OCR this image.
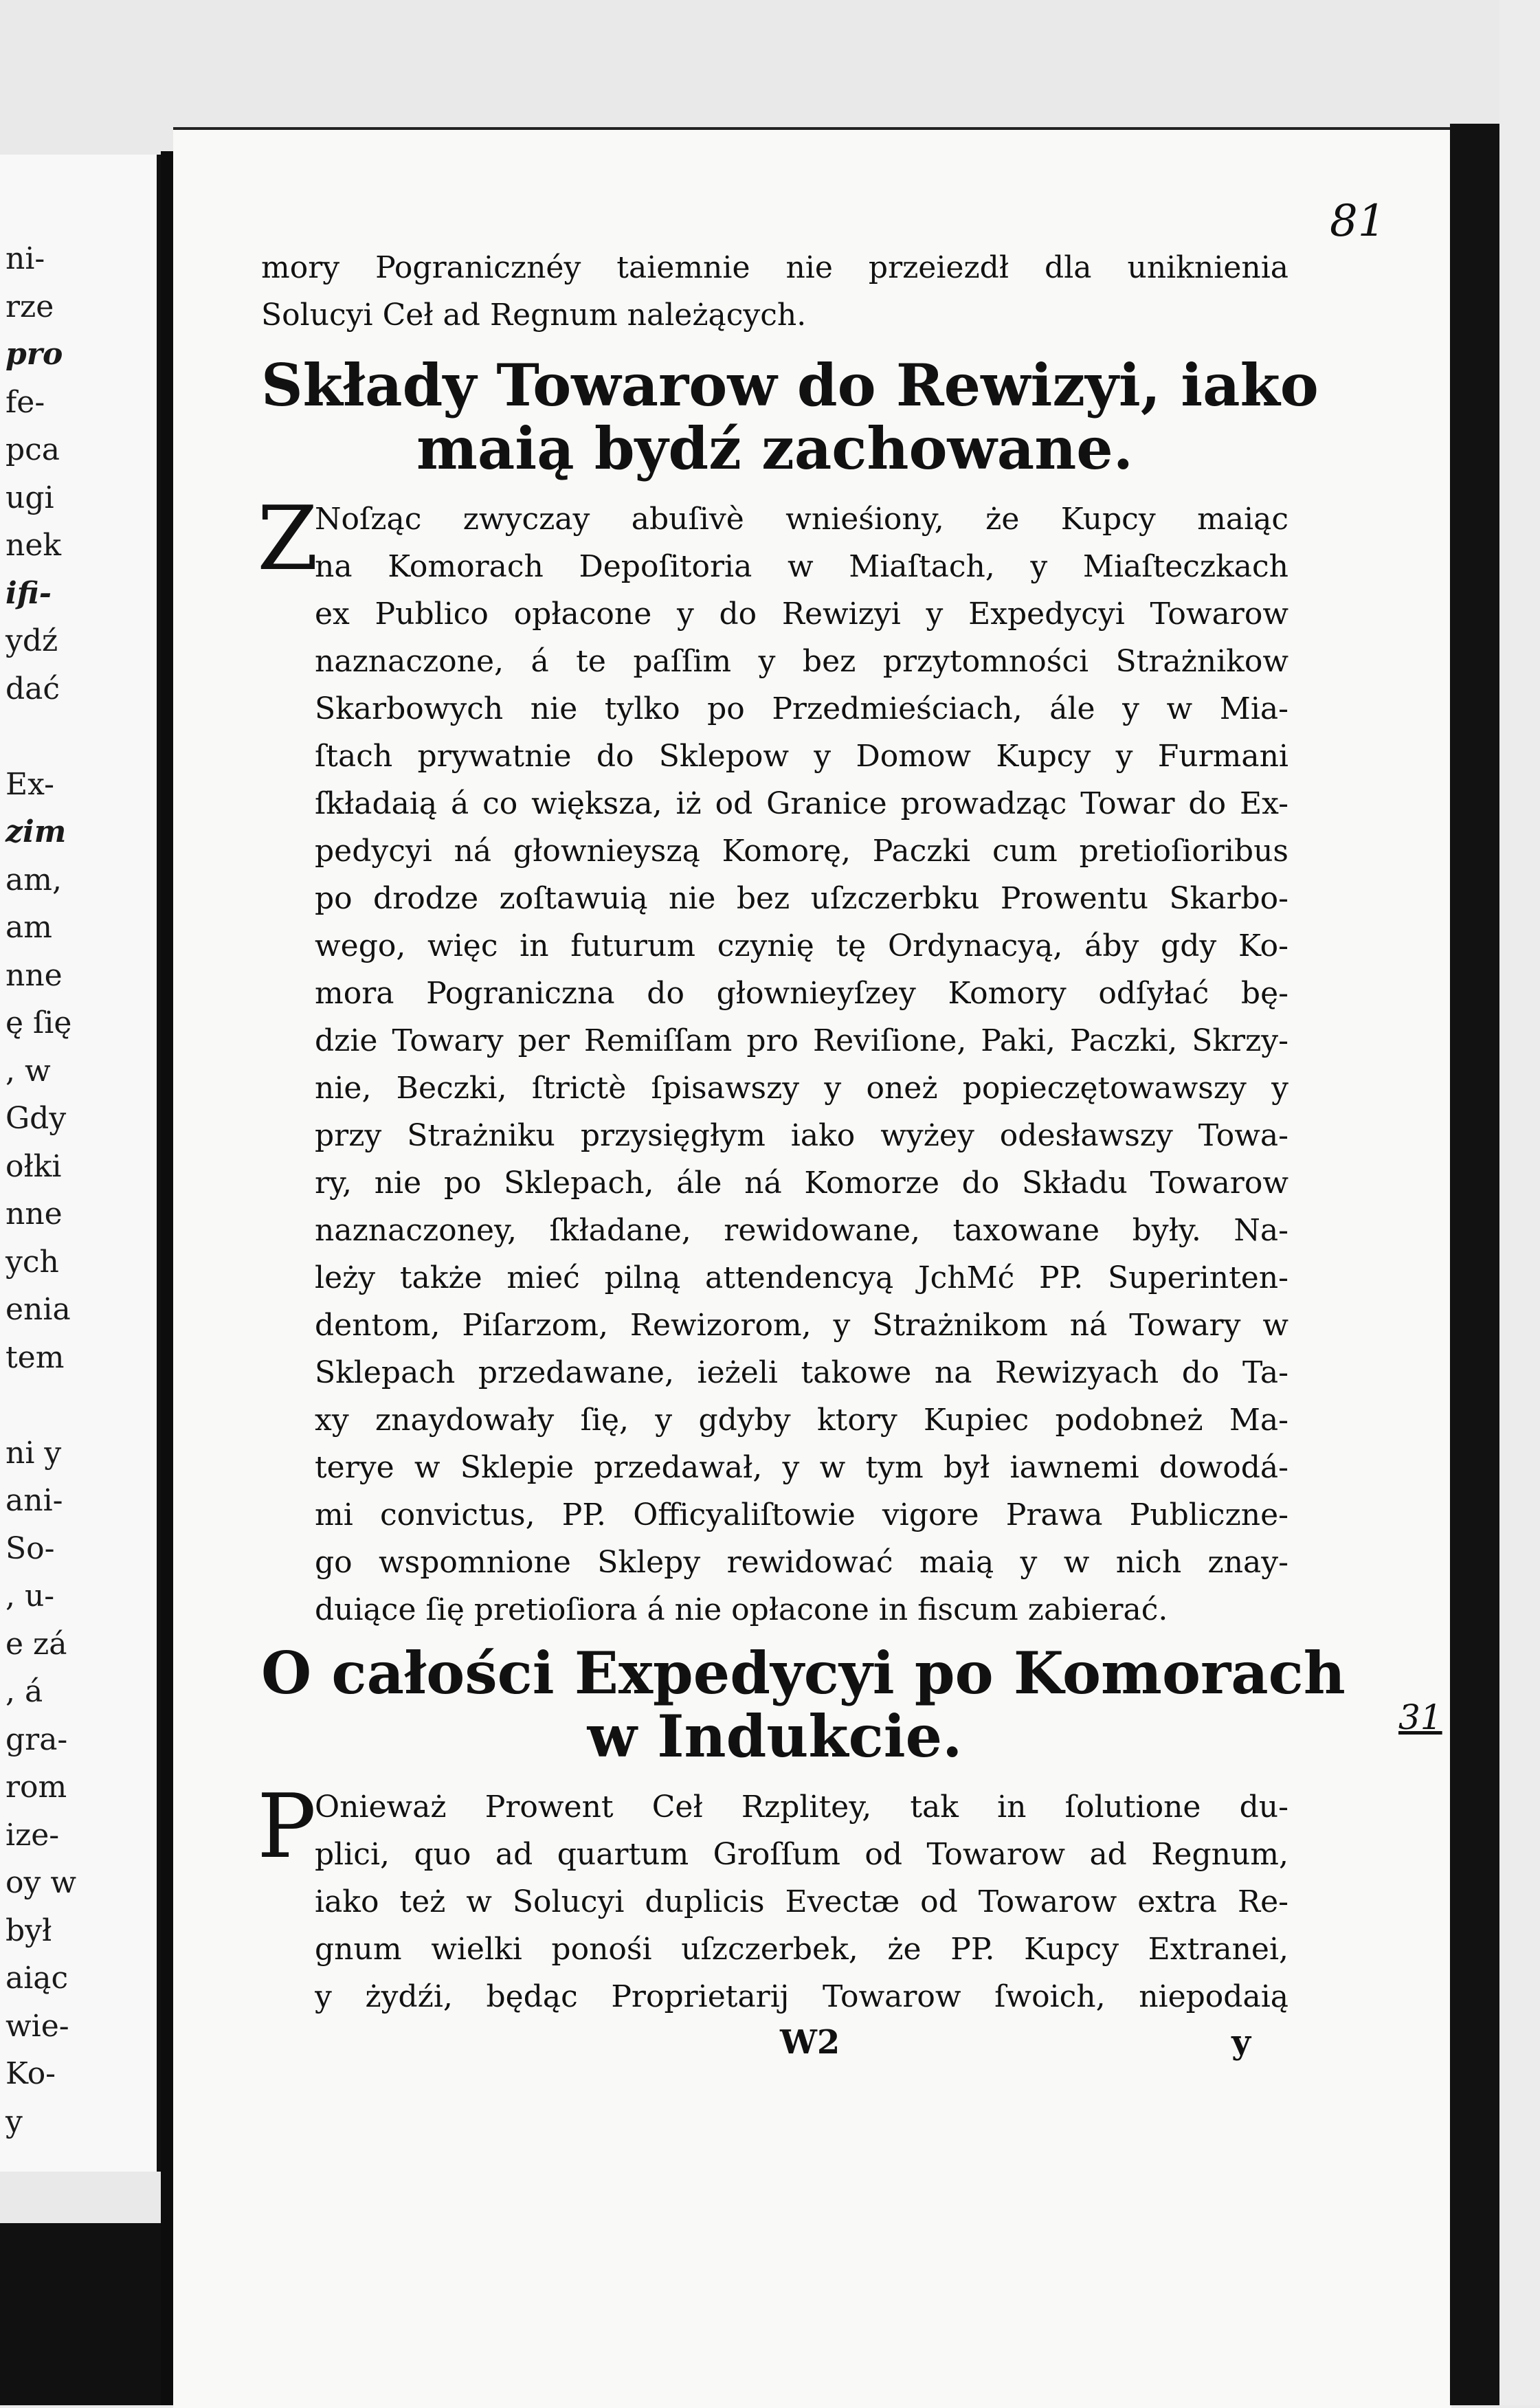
ni-
rze
pro
fe-
pca
ugi
nek
ifi-
ydź
dać
Ex-
zim
am,
am
nne
ę ſię
, w
Gdy
ołki
nne
ych
enia
tem
ni y
ani-
So-
, u-
e zá
, á
gra-
rom
ize-
oy w
był
aiąc
wie-
Ko-
y
81
31
mory Pogranicznéy taiemnie nie przeiezdł dla uniknienia
Solucyi Ceł ad Regnum należących.
Składy Towarow do Rewizyi, iako
maią bydź zachowane.
Z
Noſząc zwyczay abuſivè wnieśiony, że Kupcy maiąc
na Komorach Depoſitoria w Miaſtach, y Miaſteczkach
ex Publico opłacone y do Rewizyi y Expedycyi Towarow
naznaczone, á te paſſim y bez przytomności Strażnikow
Skarbowych nie tylko po Przedmieściach, ále y w Mia-
ſtach prywatnie do Sklepow y Domow Kupcy y Furmani
ſkładaią á co większa, iż od Granice prowadząc Towar do Ex-
pedycyi ná głownieyszą Komorę, Paczki cum pretioſioribus
po drodze zoſtawuią nie bez uſzczerbku Prowentu Skarbo-
wego, więc in futurum czynię tę Ordynacyą, áby gdy Ko-
mora Pograniczna do głownieyſzey Komory odſyłać bę-
dzie Towary per Remiſſam pro Reviſione, Paki, Paczki, Skrzy-
nie, Beczki, ſtrictè ſpisawszy y oneż popieczętowawszy y
przy Strażniku przysięgłym iako wyżey odesławszy Towa-
ry, nie po Sklepach, ále ná Komorze do Składu Towarow
naznaczoney, ſkładane, rewidowane, taxowane były. Na-
leży także mieć pilną attendencyą JchMć PP. Superinten-
dentom, Piſarzom, Rewizorom, y Strażnikom ná Towary w
Sklepach przedawane, ieżeli takowe na Rewizyach do Ta-
xy znaydowały ſię, y gdyby ktory Kupiec podobneż Ma-
terye w Sklepie przedawał, y w tym był iawnemi dowodá-
mi convictus, PP. Officyaliſtowie vigore Prawa Publiczne-
go wspomnione Sklepy rewidować maią y w nich znay-
duiące ſię pretioſiora á nie opłacone in fiscum zabierać.
O całości Expedycyi po Komorach
w Indukcie.
P
Onieważ Prowent Ceł Rzplitey, tak in ſolutione du-
plici, quo ad quartum Groſſum od Towarow ad Regnum,
iako też w Solucyi duplicis Evectæ od Towarow extra Re-
gnum wielki ponośi uſzczerbek, że PP. Kupcy Extranei,
y żydźi, będąc Proprietarij Towarow ſwoich, niepodaią
W2	y
